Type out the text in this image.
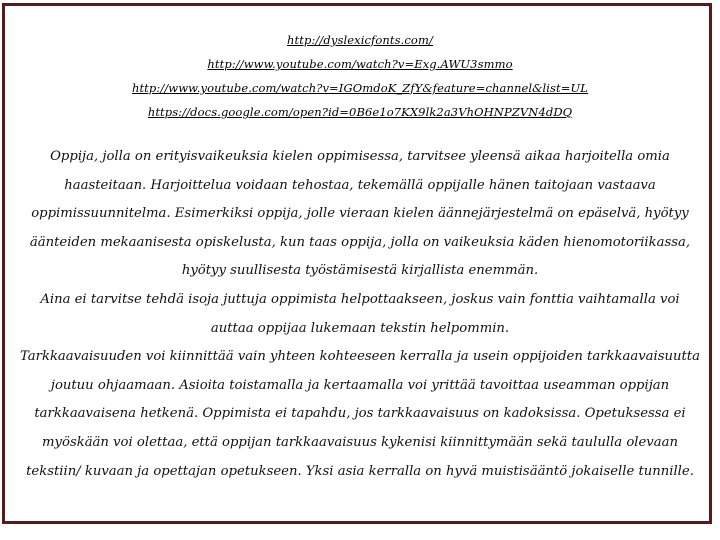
http://dyslexicfonts.com/
http://www.youtube.com/watch?v=Exg.AWU3smmo
http://www.youtube.com/watch?v=IGOmdoK_ZfY&feature=channel&list=UL
https://docs.google.com/open?id=0B6e1o7KX9lk2a3VhOHNPZVN4dDQ
Oppija, jolla on erityisvaikeuksia kielen oppimisessa, tarvitsee yleensä aikaa harjoitella omia
haasteitaan. Harjoittelua voidaan tehostaa, tekemällä oppijalle hänen taitojaan vastaava
oppimissuunnitelma. Esimerkiksi oppija, jolle vieraan kielen äännejärjestelmä on epäselvä, hyötyy
äänteiden mekaanisesta opiskelusta, kun taas oppija, jolla on vaikeuksia käden hienomotoriikassa,
hyötyy suullisesta työstämisestä kirjallista enemmän.
Aina ei tarvitse tehdä isoja juttuja oppimista helpottaakseen, joskus vain fonttia vaihtamalla voi
auttaa oppijaa lukemaan tekstin helpommin.
Tarkkaavaisuuden voi kiinnittää vain yhteen kohteeseen kerralla ja usein oppijoiden tarkkaavaisuutta
joutuu ohjaamaan. Asioita toistamalla ja kertaamalla voi yrittää tavoittaa useamman oppijan
tarkkaavaisena hetkenä. Oppimista ei tapahdu, jos tarkkaavaisuus on kadoksissa. Opetuksessa ei
myöskään voi olettaa, että oppijan tarkkaavaisuus kykenisi kiinnittymään sekä taululla olevaan
tekstiin/ kuvaan ja opettajan opetukseen. Yksi asia kerralla on hyvä muistisääntö jokaiselle tunnille.
